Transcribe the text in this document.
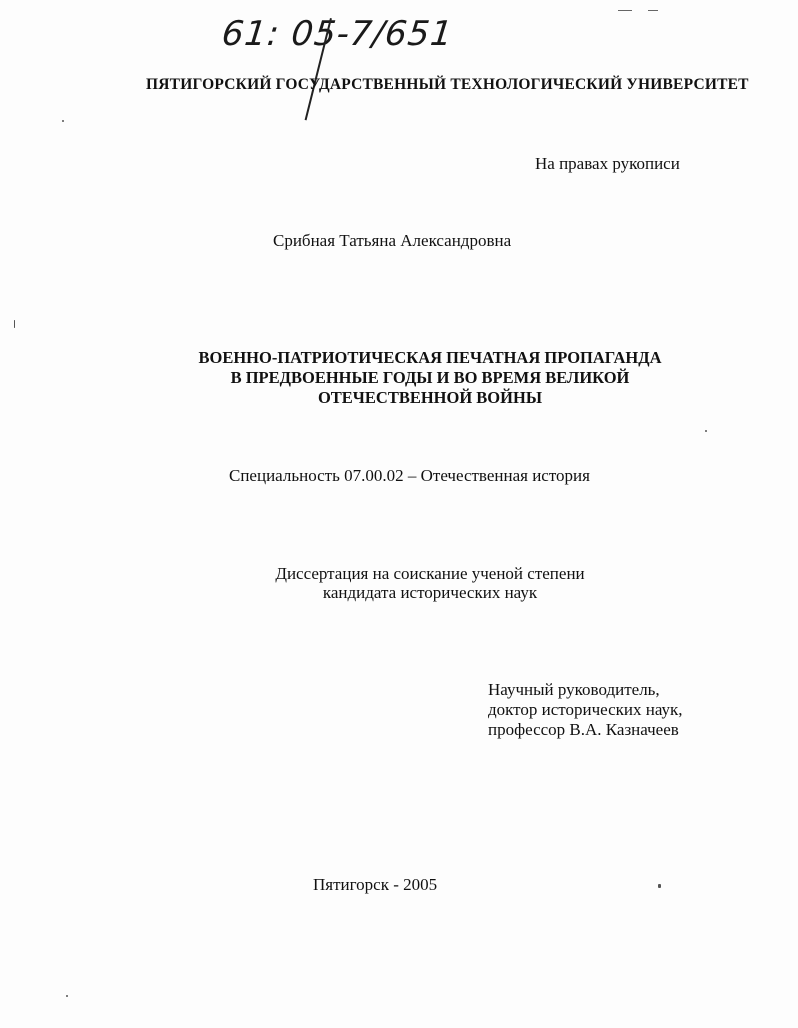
61: 05-7/651
ПЯТИГОРСКИЙ ГОСУДАРСТВЕННЫЙ ТЕХНОЛОГИЧЕСКИЙ УНИВЕРСИТЕТ
На правах рукописи
Срибная Татьяна Александровна
ВОЕННО-ПАТРИОТИЧЕСКАЯ ПЕЧАТНАЯ ПРОПАГАНДА
В ПРЕДВОЕННЫЕ ГОДЫ И ВО ВРЕМЯ ВЕЛИКОЙ
ОТЕЧЕСТВЕННОЙ ВОЙНЫ
Специальность 07.00.02 – Отечественная история
Диссертация на соискание ученой степени
кандидата исторических наук
Научный руководитель,
доктор исторических наук,
профессор В.А. Казначеев
Пятигорск - 2005
